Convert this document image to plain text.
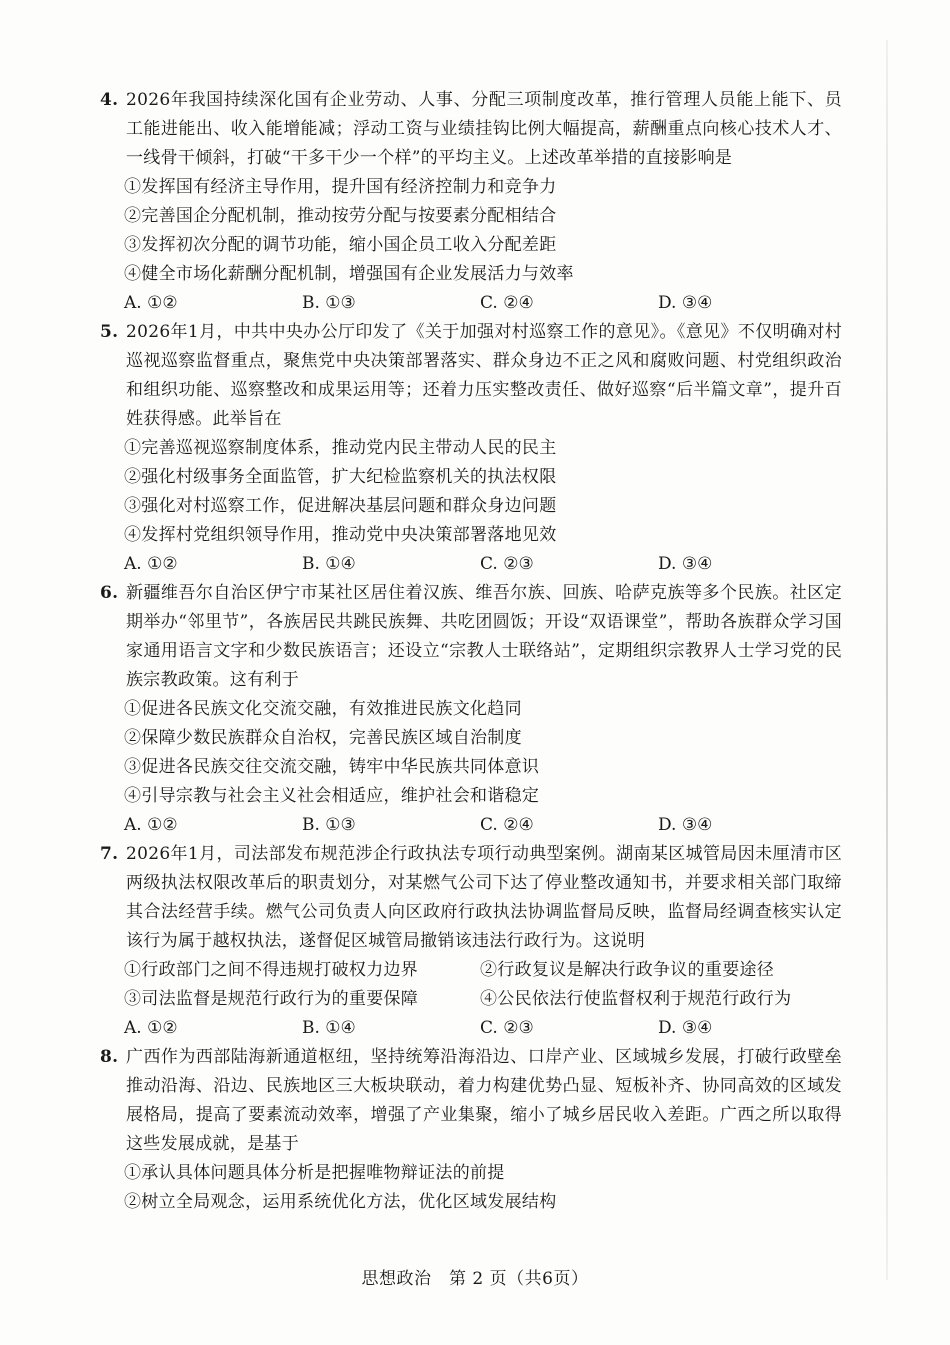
4. 2026年我国持续深化国有企业劳动、人事、分配三项制度改革，推行管理人员能上能下、员工能进能出、收入能增能减；浮动工资与业绩挂钩比例大幅提高，薪酬重点向核心技术人才、一线骨干倾斜，打破“干多干少一个样”的平均主义。上述改革举措的直接影响是
①发挥国有经济主导作用，提升国有经济控制力和竞争力
②完善国企分配机制，推动按劳分配与按要素分配相结合
③发挥初次分配的调节功能，缩小国企员工收入分配差距
④健全市场化薪酬分配机制，增强国有企业发展活力与效率
A. ①②	B. ①③	C. ②④	D. ③④
5. 2026年1月，中共中央办公厅印发了《关于加强对村巡察工作的意见》。《意见》不仅明确对村巡视巡察监督重点，聚焦党中央决策部署落实、群众身边不正之风和腐败问题、村党组织政治和组织功能、巡察整改和成果运用等；还着力压实整改责任、做好巡察“后半篇文章”，提升百姓获得感。此举旨在
①完善巡视巡察制度体系，推动党内民主带动人民的民主
②强化村级事务全面监管，扩大纪检监察机关的执法权限
③强化对村巡察工作，促进解决基层问题和群众身边问题
④发挥村党组织领导作用，推动党中央决策部署落地见效
A. ①②	B. ①④	C. ②③	D. ③④
6. 新疆维吾尔自治区伊宁市某社区居住着汉族、维吾尔族、回族、哈萨克族等多个民族。社区定期举办“邻里节”，各族居民共跳民族舞、共吃团圆饭；开设“双语课堂”，帮助各族群众学习国家通用语言文字和少数民族语言；还设立“宗教人士联络站”，定期组织宗教界人士学习党的民族宗教政策。这有利于
①促进各民族文化交流交融，有效推进民族文化趋同
②保障少数民族群众自治权，完善民族区域自治制度
③促进各民族交往交流交融，铸牢中华民族共同体意识
④引导宗教与社会主义社会相适应，维护社会和谐稳定
A. ①②	B. ①③	C. ②④	D. ③④
7. 2026年1月，司法部发布规范涉企行政执法专项行动典型案例。湖南某区城管局因未厘清市区两级执法权限改革后的职责划分，对某燃气公司下达了停业整改通知书，并要求相关部门取缔其合法经营手续。燃气公司负责人向区政府行政执法协调监督局反映，监督局经调查核实认定该行为属于越权执法，遂督促区城管局撤销该违法行政行为。这说明
①行政部门之间不得违规打破权力边界	②行政复议是解决行政争议的重要途径
③司法监督是规范行政行为的重要保障	④公民依法行使监督权利于规范行政行为
A. ①②	B. ①④	C. ②③	D. ③④
8. 广西作为西部陆海新通道枢纽，坚持统筹沿海沿边、口岸产业、区域城乡发展，打破行政壁垒推动沿海、沿边、民族地区三大板块联动，着力构建优势凸显、短板补齐、协同高效的区域发展格局，提高了要素流动效率，增强了产业集聚，缩小了城乡居民收入差距。广西之所以取得这些发展成就，是基于
①承认具体问题具体分析是把握唯物辩证法的前提
②树立全局观念，运用系统优化方法，优化区域发展结构
思想政治　第 2 页（共6页）
